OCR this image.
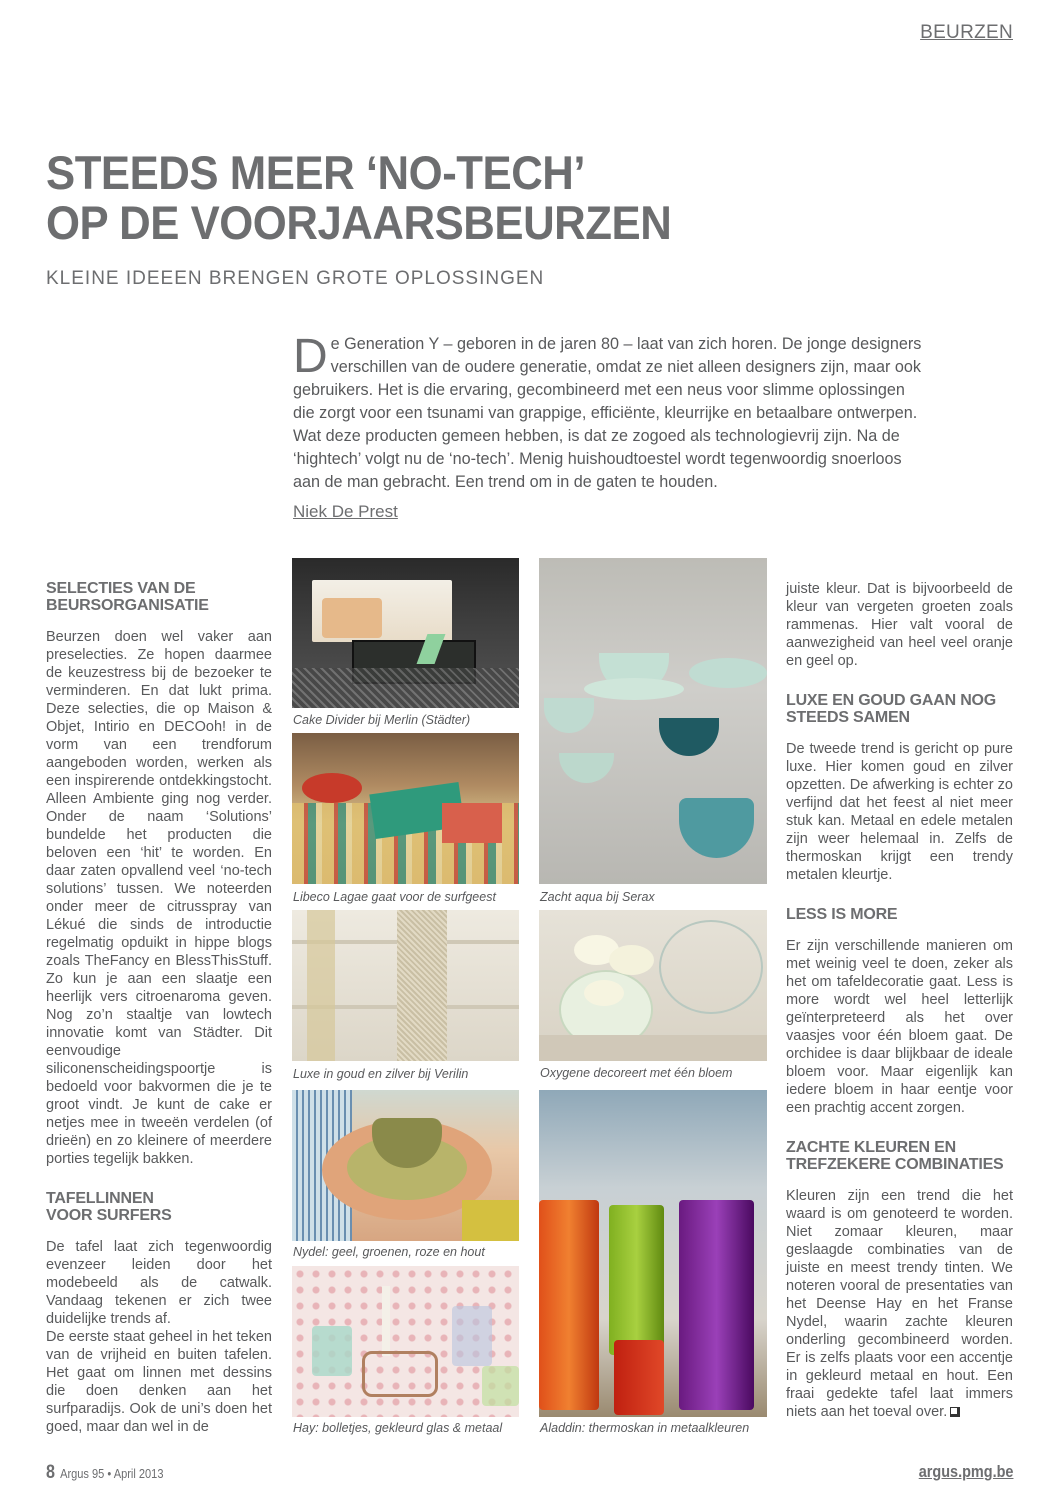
BEURZEN
STEEDS MEER ‘NO-TECH’
OP DE VOORJAARSBEURZEN
KLEINE IDEEEN BRENGEN GROTE OPLOSSINGEN
De Generation Y – geboren in de jaren 80 – laat van zich horen. De jonge designers verschillen van de oudere generatie, omdat ze niet alleen designers zijn, maar ook gebruikers. Het is die ervaring, gecombineerd met een neus voor slimme oplossingen die zorgt voor een tsunami van grappige, efficiënte, kleurrijke en betaalbare ontwerpen. Wat deze producten gemeen hebben, is dat ze zogoed als technologievrij zijn. Na de ‘hightech’ volgt nu de ‘no-tech’. Menig huishoudtoestel wordt tegenwoordig snoerloos aan de man gebracht. Een trend om in de gaten te houden.
Niek De Prest
SELECTIES VAN DE BEURSORGANISATIE

Beurzen doen wel vaker aan preselecties. Ze hopen daarmee de keuzestress bij de bezoeker te verminderen. En dat lukt prima. Deze selecties, die op Maison & Objet, Intirio en DECOoh! in de vorm van een trendforum aangeboden worden, werken als een inspirerende ontdekkingstocht. Alleen Ambiente ging nog verder. Onder de naam ‘Solutions’ bundelde het producten die beloven een ‘hit’ te worden. En daar zaten opvallend veel ‘no-tech solutions’ tussen. We noteerden onder meer de citrusspray van Lékué die sinds de introductie regelmatig opduikt in hippe blogs zoals TheFancy en BlessThisStuff. Zo kun je aan een slaatje een heerlijk vers citroenaroma geven. Nog zo’n staaltje van lowtech innovatie komt van Städter. Dit eenvoudige siliconenscheidingspoortje is bedoeld voor bakvormen die je te groot vindt. Je kunt de cake er netjes mee in tweeën verdelen (of drieën) en zo kleinere of meerdere porties tegelijk bakken.

TAFELLINNEN VOOR SURFERS

De tafel laat zich tegenwoordig evenzeer leiden door het modebeeld als de catwalk. Vandaag tekenen er zich twee duidelijke trends af.

De eerste staat geheel in het teken van de vrijheid en buiten tafelen. Het gaat om linnen met dessins die doen denken aan het surfparadijs. Ook de uni’s doen het goed, maar dan wel in de

Cake Divider bij Merlin (Städter)
Libeco Lagae gaat voor de surfgeest
Luxe in goud en zilver bij Verilin
Nydel: geel, groenen, roze en hout
Hay: bolletjes, gekleurd glas & metaal
Zacht aqua bij Serax
Oxygene decoreert met één bloem
Aladdin: thermoskan in metaalkleuren

juiste kleur. Dat is bijvoorbeeld de kleur van vergeten groeten zoals rammenas. Hier valt vooral de aanwezigheid van heel veel oranje en geel op.

LUXE EN GOUD GAAN NOG STEEDS SAMEN

De tweede trend is gericht op pure luxe. Hier komen goud en zilver opzetten. De afwerking is echter zo verfijnd dat het feest al niet meer stuk kan. Metaal en edele metalen zijn weer helemaal in. Zelfs de thermoskan krijgt een trendy metalen kleurtje.

LESS IS MORE

Er zijn verschillende manieren om met weinig veel te doen, zeker als het om tafeldecoratie gaat. Less is more wordt wel heel letterlijk geïnterpreteerd als het over vaasjes voor één bloem gaat. De orchidee is daar blijkbaar de ideale bloem voor. Maar eigenlijk kan iedere bloem in haar eentje voor een prachtig accent zorgen.

ZACHTE KLEUREN EN TREFZEKERE COMBINATIES

Kleuren zijn een trend die het waard is om genoteerd te worden. Niet zomaar kleuren, maar geslaagde combinaties van de juiste en meest trendy tinten. We noteren vooral de presentaties van het Deense Hay en het Franse Nydel, waarin zachte kleuren onderling gecombineerd worden. Er is zelfs plaats voor een accentje in gekleurd metaal en hout. Een fraai gedekte tafel laat immers niets aan het toeval over.

8 Argus 95 • April 2013	argus.pmg.be
